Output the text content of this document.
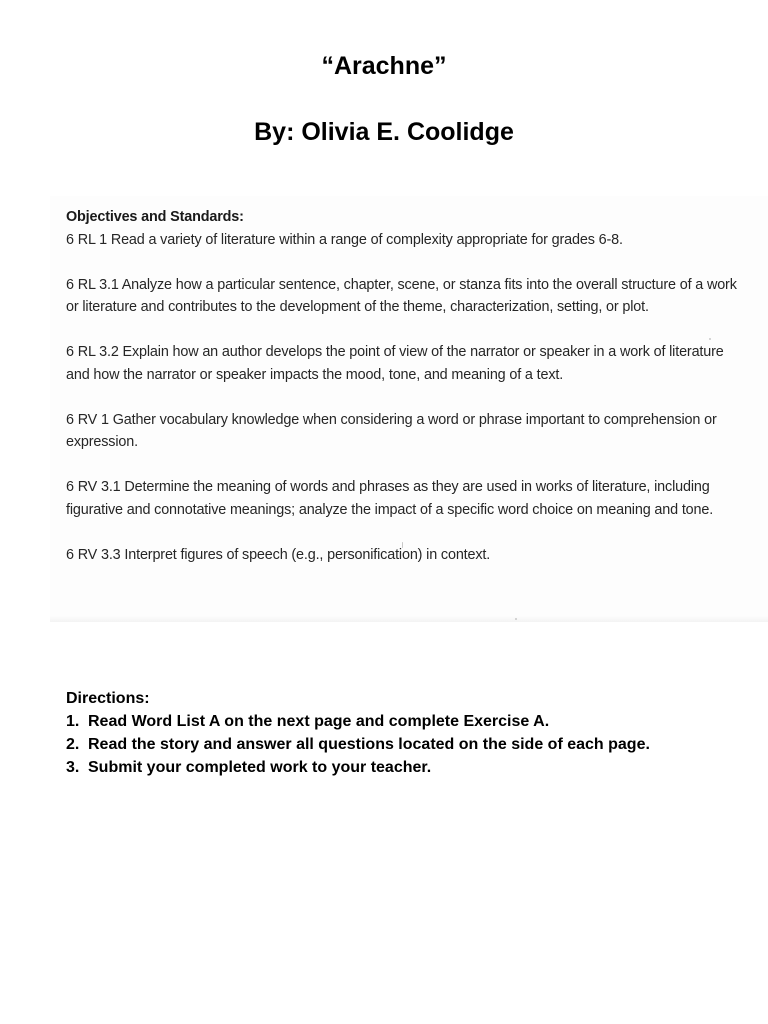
“Arachne”
By: Olivia E. Coolidge
Objectives and Standards:

6 RL 1 Read a variety of literature within a range of complexity appropriate for grades 6-8.

6 RL 3.1 Analyze how a particular sentence, chapter, scene, or stanza fits into the overall structure of a work or literature and contributes to the development of the theme, characterization, setting, or plot.

6 RL 3.2 Explain how an author develops the point of view of the narrator or speaker in a work of literature and how the narrator or speaker impacts the mood, tone, and meaning of a text.

6 RV 1 Gather vocabulary knowledge when considering a word or phrase important to comprehension or expression.

6 RV 3.1 Determine the meaning of words and phrases as they are used in works of literature, including figurative and connotative meanings; analyze the impact of a specific word choice on meaning and tone.

6 RV 3.3 Interpret figures of speech (e.g., personification) in context.

Directions:
1. Read Word List A on the next page and complete Exercise A.
2. Read the story and answer all questions located on the side of each page.
3. Submit your completed work to your teacher.
